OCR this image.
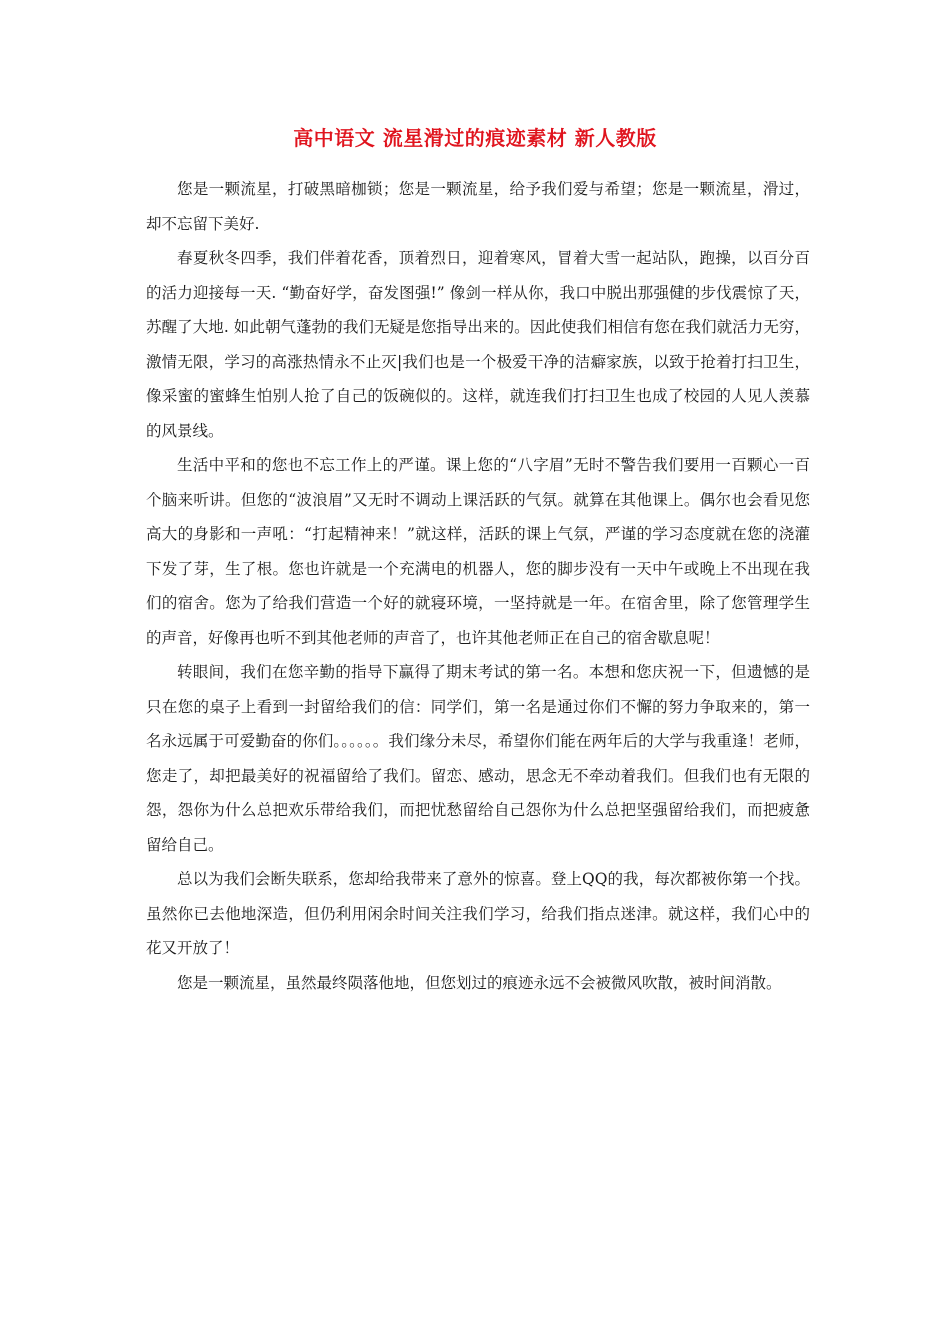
高中语文 流星滑过的痕迹素材 新人教版

您是一颗流星，打破黑暗枷锁；您是一颗流星，给予我们爱与希望；您是一颗流星，滑过，却不忘留下美好.

春夏秋冬四季，我们伴着花香，顶着烈日，迎着寒风，冒着大雪一起站队，跑操，以百分百的活力迎接每一天. “勤奋好学，奋发图强!” 像剑一样从你，我口中脱出那强健的步伐震惊了天，苏醒了大地. 如此朝气蓬勃的我们无疑是您指导出来的。因此使我们相信有您在我们就活力无穷，激情无限，学习的高涨热情永不止灭|我们也是一个极爱干净的洁癖家族，以致于抢着打扫卫生，像采蜜的蜜蜂生怕别人抢了自己的饭碗似的。这样，就连我们打扫卫生也成了校园的人见人羡慕的风景线。

生活中平和的您也不忘工作上的严谨。课上您的“八字眉”无时不警告我们要用一百颗心一百个脑来听讲。但您的“波浪眉”又无时不调动上课活跃的气氛。就算在其他课上。偶尔也会看见您高大的身影和一声吼：“打起精神来！”就这样，活跃的课上气氛，严谨的学习态度就在您的浇灌下发了芽，生了根。您也许就是一个充满电的机器人，您的脚步没有一天中午或晚上不出现在我们的宿舍。您为了给我们营造一个好的就寝环境，一坚持就是一年。在宿舍里，除了您管理学生的声音，好像再也听不到其他老师的声音了，也许其他老师正在自己的宿舍歇息呢！

转眼间，我们在您辛勤的指导下赢得了期末考试的第一名。本想和您庆祝一下，但遗憾的是只在您的桌子上看到一封留给我们的信：同学们，第一名是通过你们不懈的努力争取来的，第一名永远属于可爱勤奋的你们。。。。。。我们缘分未尽，希望你们能在两年后的大学与我重逢！老师，您走了，却把最美好的祝福留给了我们。留恋、感动，思念无不牵动着我们。但我们也有无限的怨，怨你为什么总把欢乐带给我们，而把忧愁留给自己怨你为什么总把坚强留给我们，而把疲惫留给自己。

总以为我们会断失联系，您却给我带来了意外的惊喜。登上QQ的我，每次都被你第一个找。虽然你已去他地深造，但仍利用闲余时间关注我们学习，给我们指点迷津。就这样，我们心中的花又开放了！

您是一颗流星，虽然最终陨落他地，但您划过的痕迹永远不会被微风吹散，被时间消散。
